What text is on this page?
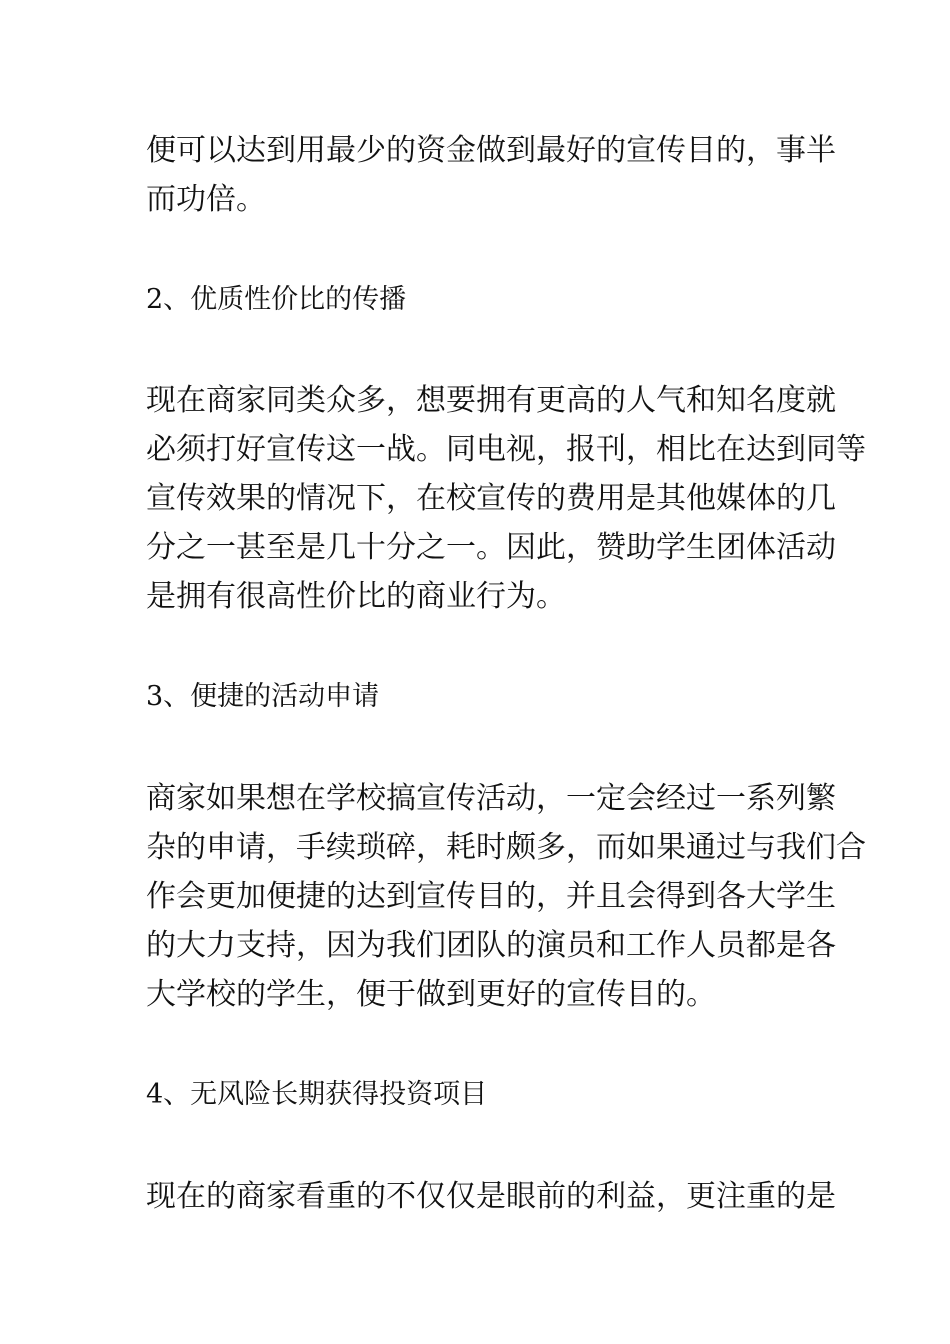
便可以达到用最少的资金做到最好的宣传目的，事半
而功倍。

2、优质性价比的传播

现在商家同类众多，想要拥有更高的人气和知名度就
必须打好宣传这一战。同电视，报刊，相比在达到同等
宣传效果的情况下，在校宣传的费用是其他媒体的几
分之一甚至是几十分之一。因此，赞助学生团体活动
是拥有很高性价比的商业行为。

3、便捷的活动申请

商家如果想在学校搞宣传活动，一定会经过一系列繁
杂的申请，手续琐碎，耗时颇多，而如果通过与我们合
作会更加便捷的达到宣传目的，并且会得到各大学生
的大力支持，因为我们团队的演员和工作人员都是各
大学校的学生，便于做到更好的宣传目的。

4、无风险长期获得投资项目

现在的商家看重的不仅仅是眼前的利益，更注重的是
